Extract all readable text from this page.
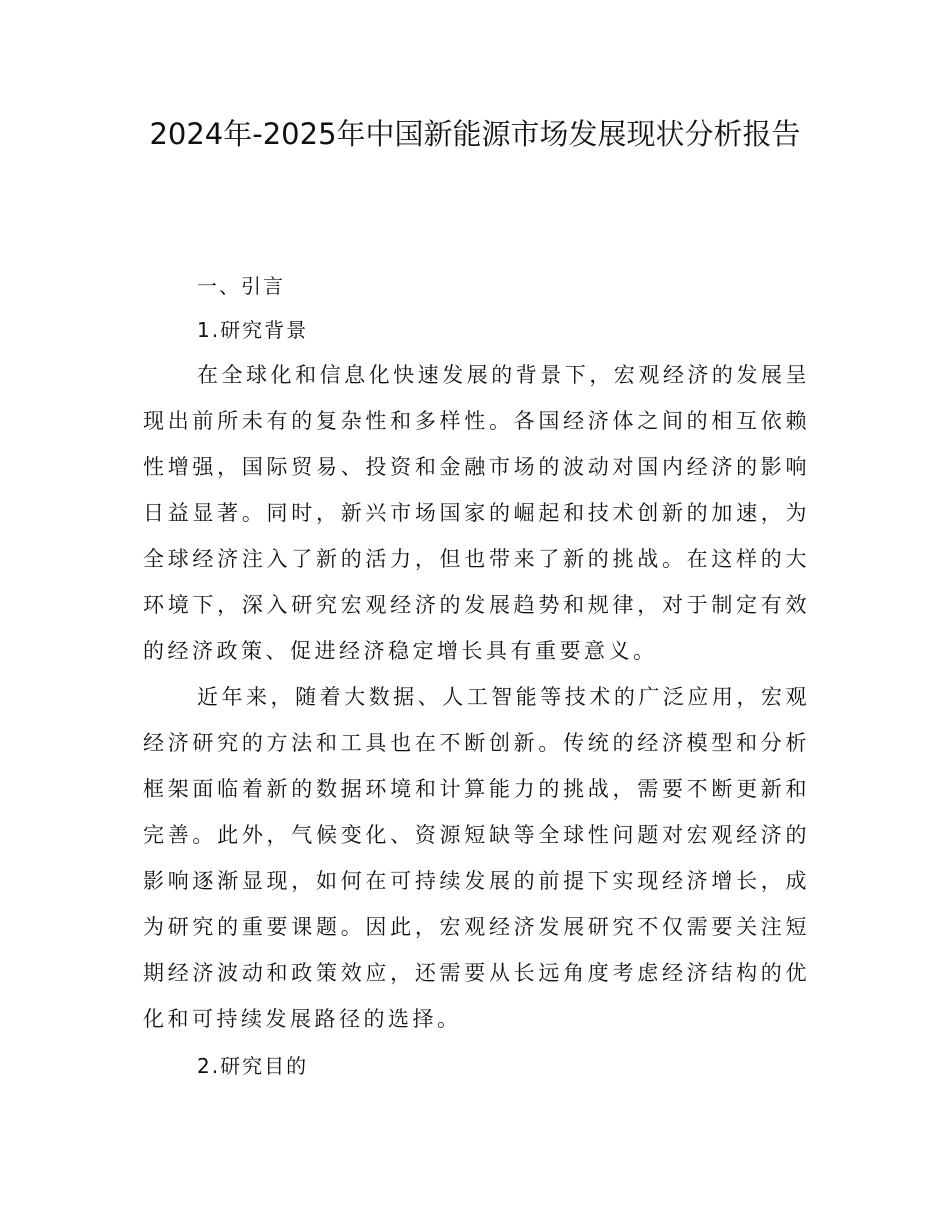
2024年-2025年中国新能源市场发展现状分析报告
一、引言
1.研究背景

在全球化和信息化快速发展的背景下，宏观经济的发展呈现出前所未有的复杂性和多样性。各国经济体之间的相互依赖性增强，国际贸易、投资和金融市场的波动对国内经济的影响日益显著。同时，新兴市场国家的崛起和技术创新的加速，为全球经济注入了新的活力，但也带来了新的挑战。在这样的大环境下，深入研究宏观经济的发展趋势和规律，对于制定有效的经济政策、促进经济稳定增长具有重要意义。

近年来，随着大数据、人工智能等技术的广泛应用，宏观经济研究的方法和工具也在不断创新。传统的经济模型和分析框架面临着新的数据环境和计算能力的挑战，需要不断更新和完善。此外，气候变化、资源短缺等全球性问题对宏观经济的影响逐渐显现，如何在可持续发展的前提下实现经济增长，成为研究的重要课题。因此，宏观经济发展研究不仅需要关注短期经济波动和政策效应，还需要从长远角度考虑经济结构的优化和可持续发展路径的选择。

2.研究目的
